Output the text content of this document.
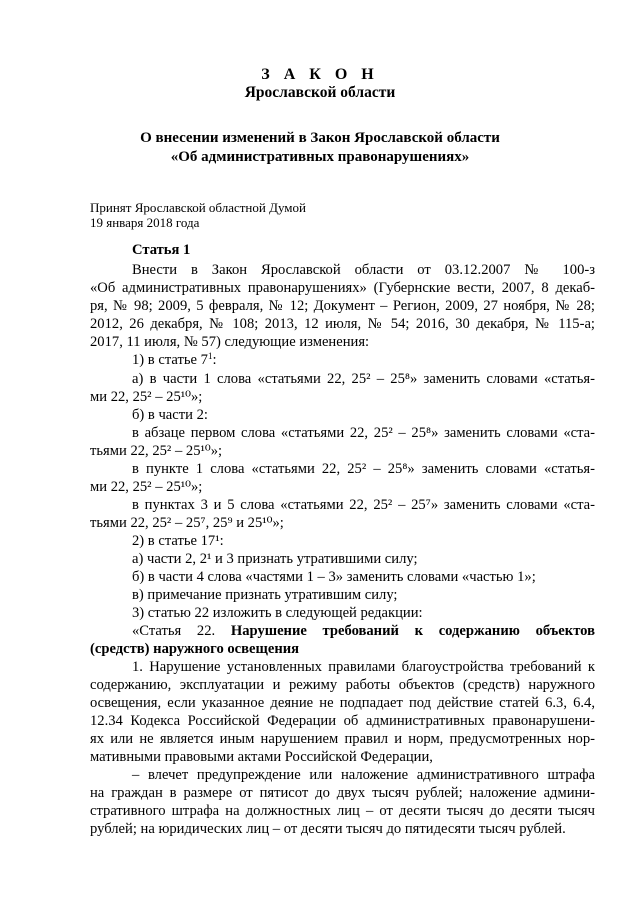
З А К О Н
Ярославской области
О внесении изменений в Закон Ярославской области
«Об административных правонарушениях»
Принят Ярославской областной Думой
19 января 2018 года
Статья 1
Внести в Закон Ярославской области от 03.12.2007 № 100-з
«Об административных правонарушениях» (Губернские вести, 2007, 8 декаб-
ря, № 98; 2009, 5 февраля, № 12; Документ – Регион, 2009, 27 ноября, № 28;
2012, 26 декабря, № 108; 2013, 12 июля, № 54; 2016, 30 декабря, № 115-а;
2017, 11 июля, № 57) следующие изменения:
1) в статье $7^1$:
а) в части 1 слова «статьями 22, 25² – 25⁸» заменить словами «статья-
ми 22, 25² – 25¹⁰»;
б) в части 2:
в абзаце первом слова «статьями 22, 25² – 25⁸» заменить словами «ста-
тьями 22, 25² – 25¹⁰»;
в пункте 1 слова «статьями 22, 25² – 25⁸» заменить словами «статья-
ми 22, 25² – 25¹⁰»;
в пунктах 3 и 5 слова «статьями 22, 25² – 25⁷» заменить словами «ста-
тьями 22, 25² – 25⁷, 25⁹ и 25¹⁰»;
2) в статье 17¹:
а) части 2, 2¹ и 3 признать утратившими силу;
б) в части 4 слова «частями 1 – 3» заменить словами «частью 1»;
в) примечание признать утратившим силу;
3) статью 22 изложить в следующей редакции:
«Статья 22. Нарушение требований к содержанию объектов
(средств) наружного освещения
1. Нарушение установленных правилами благоустройства требований к
содержанию, эксплуатации и режиму работы объектов (средств) наружного
освещения, если указанное деяние не подпадает под действие статей 6.3, 6.4,
12.34 Кодекса Российской Федерации об административных правонарушени-
ях или не является иным нарушением правил и норм, предусмотренных нор-
мативными правовыми актами Российской Федерации,
– влечет предупреждение или наложение административного штрафа
на граждан в размере от пятисот до двух тысяч рублей; наложение админи-
стративного штрафа на должностных лиц – от десяти тысяч до десяти тысяч
рублей; на юридических лиц – от десяти тысяч до пятидесяти тысяч рублей.
